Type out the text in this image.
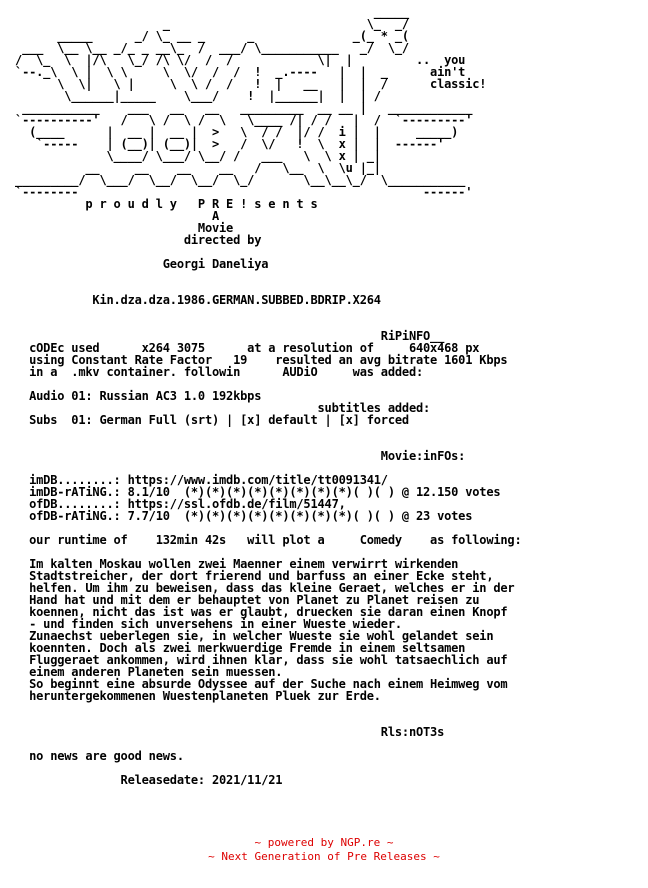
_____
_                            \_  _/
_____      _/ \_ __ _      _              _(_ * _(
___  \__ \__ _/_ _ __\_  /  ___/ \___________   _/  \_/
/  \_  \  |/\   \_/ /\ \/  /  /            \|  |         ..  you
`--._\  \ |  \ \     \  \/  /  /  !  _.----   |  |  _      ain't
\  \|   \ |     \  \ /  /   !  |   __   |  |  /      classic!
\______|_____    \___/    !  |______|  |  | /
___________    ___   __   __   _________  __ __ |   ____________
`----------'   /   \ /  \ /  \   \____ /| / /   |  /  `---------'
(____      |  __ |  __ |  >   \  / /  |/ /  i |  |     _____)
`-----    | (__)| (__)|  >   /  \/   !  \  x |  |  ------'
\____/ \___/ \__/ /   ___   \  \ x | _|
__     __    __    __   /   \__  \  \u |_|
_________/  \___/  \__/  \__/  \_/       \__\__\_/  \___________
`--------                                                 ------'
p r o u d l y   P R E ! s e n t s
A
Movie
directed by

Georgi Daneliya

Kin.dza.dza.1986.GERMAN.SUBBED.BDRIP.X264

RiPiNFO__
cODEc used      x264 3075      at a resolution of     640x468 px
using Constant Rate Factor   19    resulted an avg bitrate 1601 Kbps
in a  .mkv container. followin      AUDiO     was added:

Audio 01: Russian AC3 1.0 192kbps
subtitles added:
Subs  01: German Full (srt) | [x] default | [x] forced

Movie:inFOs:

imDB........: https://www.imdb.com/title/tt0091341/
imDB-rATiNG.: 8.1/10  (*)(*)(*)(*)(*)(*)(*)(*)( )( ) @ 12.150 votes
ofDB........: https://ssl.ofdb.de/film/51447,
ofDB-rATiNG.: 7.7/10  (*)(*)(*)(*)(*)(*)(*)(*)( )( ) @ 23 votes

our runtime of    132min 42s   will plot a     Comedy    as following:

Im kalten Moskau wollen zwei Maenner einem verwirrt wirkenden
Stadtstreicher, der dort frierend und barfuss an einer Ecke steht,
helfen. Um ihm zu beweisen, dass das kleine Geraet, welches er in der
Hand hat und mit dem er behauptet von Planet zu Planet reisen zu
koennen, nicht das ist was er glaubt, druecken sie daran einen Knopf
- und finden sich unversehens in einer Wueste wieder.
Zunaechst ueberlegen sie, in welcher Wueste sie wohl gelandet sein
koennten. Doch als zwei merkwuerdige Fremde in einem seltsamen
Fluggeraet ankommen, wird ihnen klar, dass sie wohl tatsaechlich auf
einem anderen Planeten sein muessen.
So beginnt eine absurde Odyssee auf der Suche nach einem Heimweg vom
heruntergekommenen Wuestenplaneten Pluek zur Erde.

Rls:nOT3s

no news are good news.

Releasedate: 2021/11/21

~ powered by NGP.re ~
~ Next Generation of Pre Releases ~
